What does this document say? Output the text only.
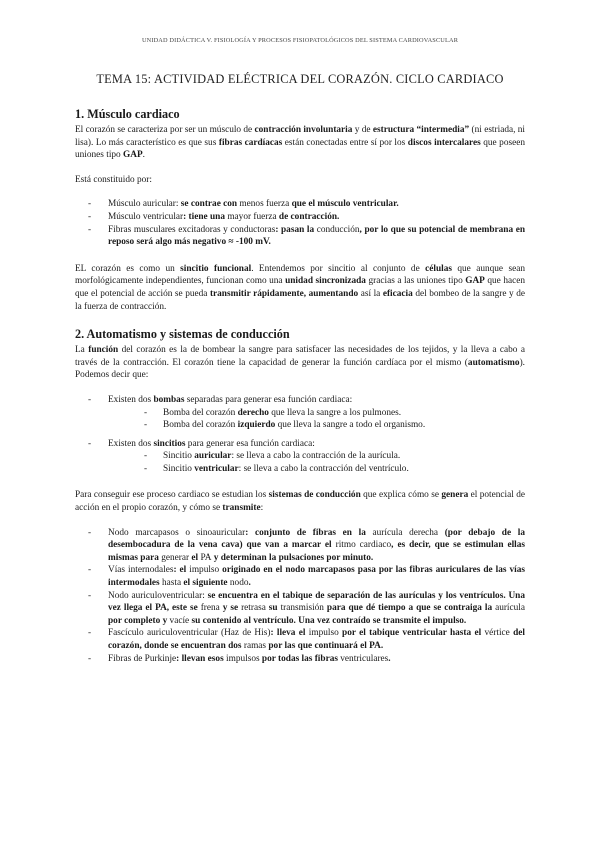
UNIDAD DIDÁCTICA V. FISIOLOGÍA Y PROCESOS FISIOPATOLÓGICOS DEL SISTEMA CARDIOVASCULAR
TEMA 15: ACTIVIDAD ELÉCTRICA DEL CORAZÓN. CICLO CARDIACO
1. Músculo cardiaco

El corazón se caracteriza por ser un músculo de contracción involuntaria y de estructura “intermedia” (ni estriada, ni lisa). Lo más característico es que sus fibras cardíacas están conectadas entre sí por los discos intercalares que poseen uniones tipo GAP.

Está constituido por:

- Músculo auricular: se contrae con menos fuerza que el músculo ventricular.
- Músculo ventricular: tiene una mayor fuerza de contracción.
- Fibras musculares excitadoras y conductoras: pasan la conducción, por lo que su potencial de membrana en reposo será algo más negativo ≈ -100 mV.

EL corazón es como un sincitio funcional. Entendemos por sincitio al conjunto de células que aunque sean morfológicamente independientes, funcionan como una unidad sincronizada gracias a las uniones tipo GAP que hacen que el potencial de acción se pueda transmitir rápidamente, aumentando así la eficacia del bombeo de la sangre y de la fuerza de contracción.

2. Automatismo y sistemas de conducción

La función del corazón es la de bombear la sangre para satisfacer las necesidades de los tejidos, y la lleva a cabo a través de la contracción. El corazón tiene la capacidad de generar la función cardíaca por el mismo (automatismo). Podemos decir que:

- Existen dos bombas separadas para generar esa función cardiaca:
- Bomba del corazón derecho que lleva la sangre a los pulmones.
- Bomba del corazón izquierdo que lleva la sangre a todo el organismo.
- Existen dos sincitios para generar esa función cardiaca:
- Sincitio auricular: se lleva a cabo la contracción de la aurícula.
- Sincitio ventricular: se lleva a cabo la contracción del ventrículo.

Para conseguir ese proceso cardiaco se estudian los sistemas de conducción que explica cómo se genera el potencial de acción en el propio corazón, y cómo se transmite:

- Nodo marcapasos o sinoauricular: conjunto de fibras en la aurícula derecha (por debajo de la desembocadura de la vena cava) que van a marcar el ritmo cardiaco, es decir, que se estimulan ellas mismas para generar el PA y determinan la pulsaciones por minuto.
- Vías internodales: el impulso originado en el nodo marcapasos pasa por las fibras auriculares de las vías intermodales hasta el siguiente nodo.
- Nodo auriculoventricular: se encuentra en el tabique de separación de las aurículas y los ventrículos. Una vez llega el PA, este se frena y se retrasa su transmisión para que dé tiempo a que se contraiga la aurícula por completo y vacíe su contenido al ventrículo. Una vez contraído se transmite el impulso.
- Fascículo auriculoventricular (Haz de His): lleva el impulso por el tabique ventricular hasta el vértice del corazón, donde se encuentran dos ramas por las que continuará el PA.
- Fibras de Purkinje: llevan esos impulsos por todas las fibras ventriculares.
